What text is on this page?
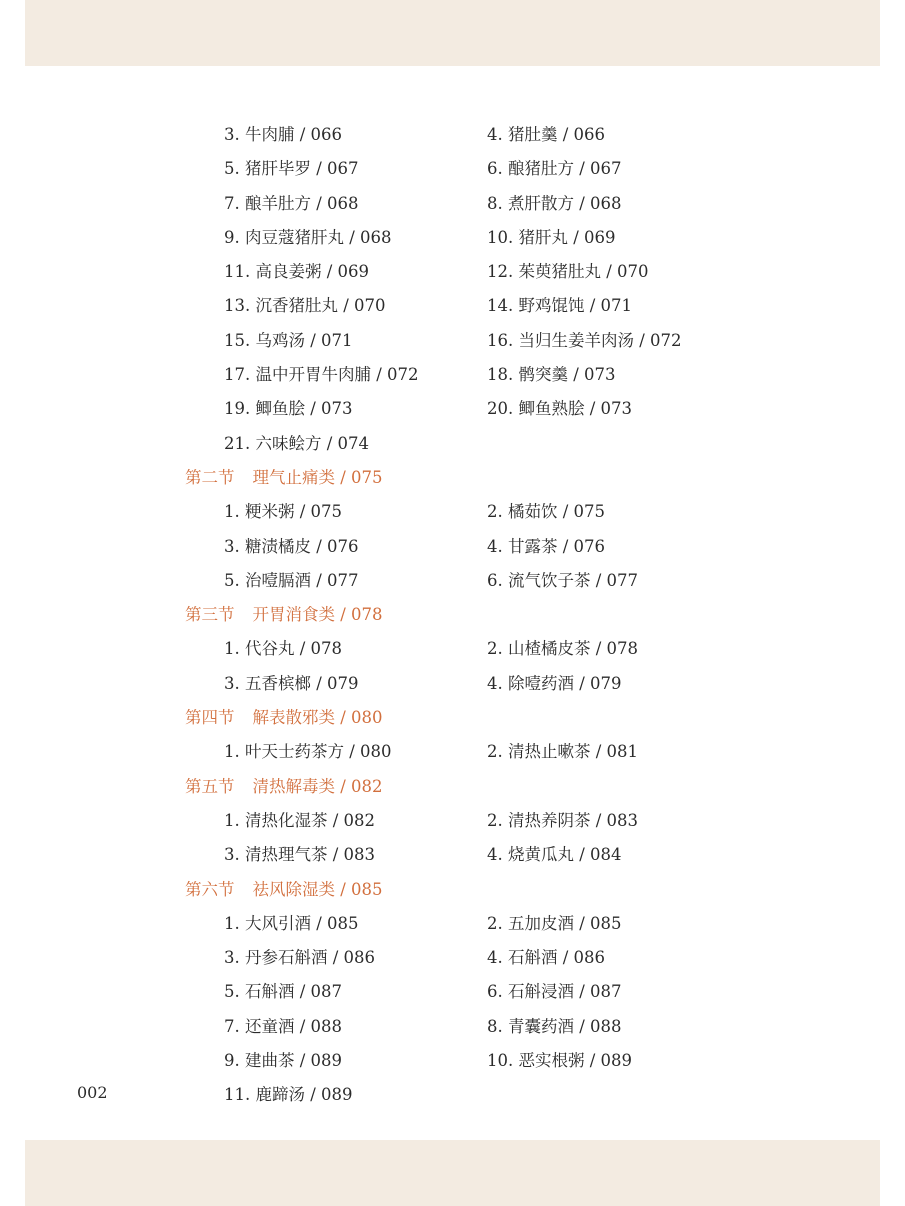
3. 牛肉脯 / 066	4. 猪肚羹 / 066
5. 猪肝毕罗 / 067	6. 酿猪肚方 / 067
7. 酿羊肚方 / 068	8. 煮肝散方 / 068
9. 肉豆蔻猪肝丸 / 068	10. 猪肝丸 / 069
11. 高良姜粥 / 069	12. 茱萸猪肚丸 / 070
13. 沉香猪肚丸 / 070	14. 野鸡馄饨 / 071
15. 乌鸡汤 / 071	16. 当归生姜羊肉汤 / 072
17. 温中开胃牛肉脯 / 072	18. 鹘突羹 / 073
19. 鲫鱼脍 / 073	20. 鲫鱼熟脍 / 073
21. 六味鲙方 / 074
第二节 理气止痛类 / 075
1. 粳米粥 / 075	2. 橘茹饮 / 075
3. 糖渍橘皮 / 076	4. 甘露茶 / 076
5. 治噎膈酒 / 077	6. 流气饮子茶 / 077
第三节 开胃消食类 / 078
1. 代谷丸 / 078	2. 山楂橘皮茶 / 078
3. 五香槟榔 / 079	4. 除噎药酒 / 079
第四节 解表散邪类 / 080
1. 叶天士药茶方 / 080	2. 清热止嗽茶 / 081
第五节 清热解毒类 / 082
1. 清热化湿茶 / 082	2. 清热养阴茶 / 083
3. 清热理气茶 / 083	4. 烧黄瓜丸 / 084
第六节 祛风除湿类 / 085
1. 大风引酒 / 085	2. 五加皮酒 / 085
3. 丹参石斛酒 / 086	4. 石斛酒 / 086
5. 石斛酒 / 087	6. 石斛浸酒 / 087
7. 还童酒 / 088	8. 青囊药酒 / 088
9. 建曲茶 / 089	10. 恶实根粥 / 089
11. 鹿蹄汤 / 089
002
